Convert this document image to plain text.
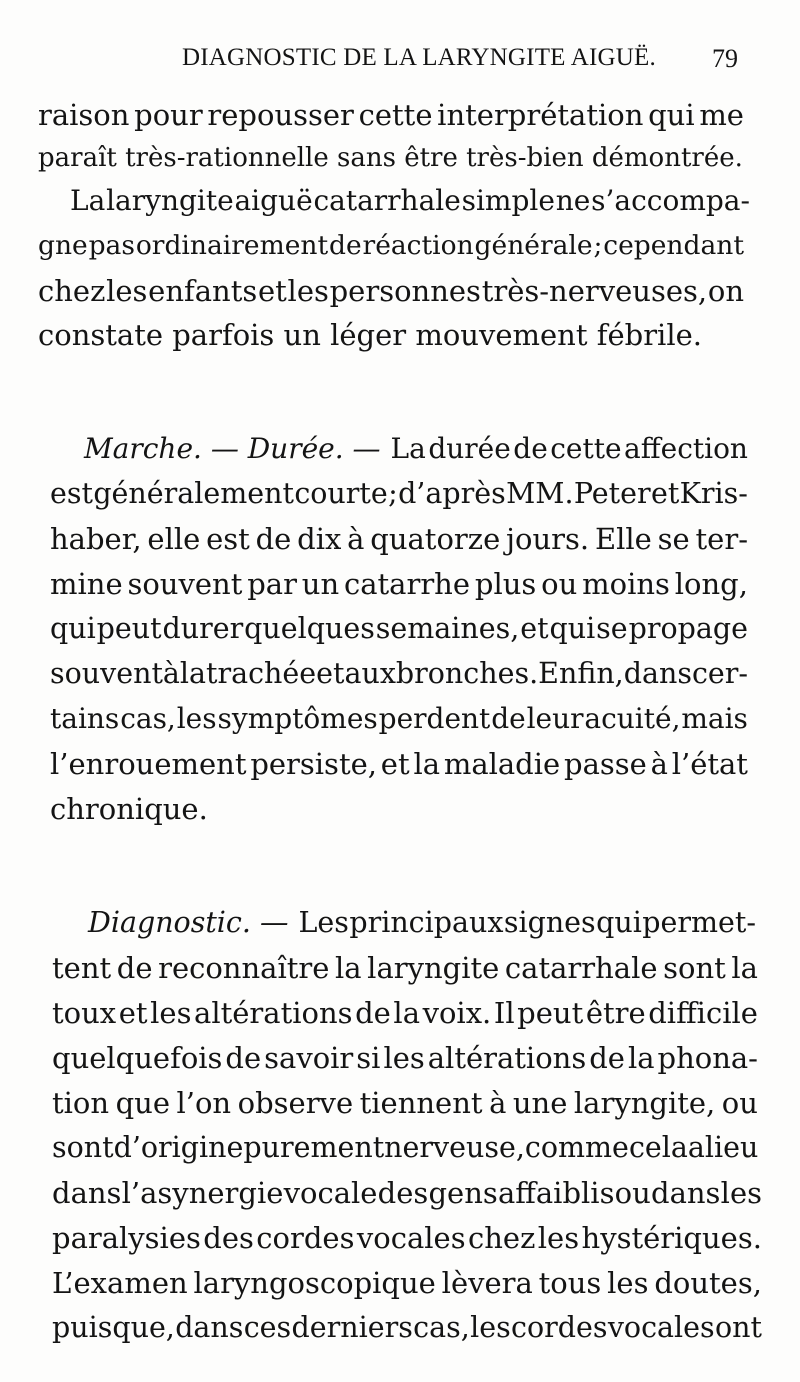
DIAGNOSTIC DE LA LARYNGITE AIGUË. 79
raison pour repousser cette interprétation qui me
paraît très-rationnelle sans être très-bien démontrée.
La laryngite aiguë catarrhale simple ne s’accompa-
gne pas ordinairement de réaction générale ; cependant
chez les enfants et les personnes très-nerveuses, on
constate parfois un léger mouvement fébrile.
Marche. — Durée. — La durée de cette affection
est généralement courte ; d’après MM. Peter et Kris-
haber, elle est de dix à quatorze jours. Elle se ter-
mine souvent par un catarrhe plus ou moins long,
qui peut durer quelques semaines, et qui se propage
souvent à la trachée et aux bronches. Enfin, dans cer-
tains cas, les symptômes perdent de leur acuité, mais
l’enrouement persiste, et la maladie passe à l’état
chronique.
Diagnostic. — Les principaux signes qui permet-
tent de reconnaître la laryngite catarrhale sont la
toux et les altérations de la voix. Il peut être difficile
quelquefois de savoir si les altérations de la phona-
tion que l’on observe tiennent à une laryngite, ou
sont d’origine purement nerveuse, comme cela a lieu
dans l’asynergie vocale des gens affaiblis ou dans les
paralysies des cordes vocales chez les hystériques.
L’examen laryngoscopique lèvera tous les doutes,
puisque, dans ces derniers cas, les cordes vocales ont
